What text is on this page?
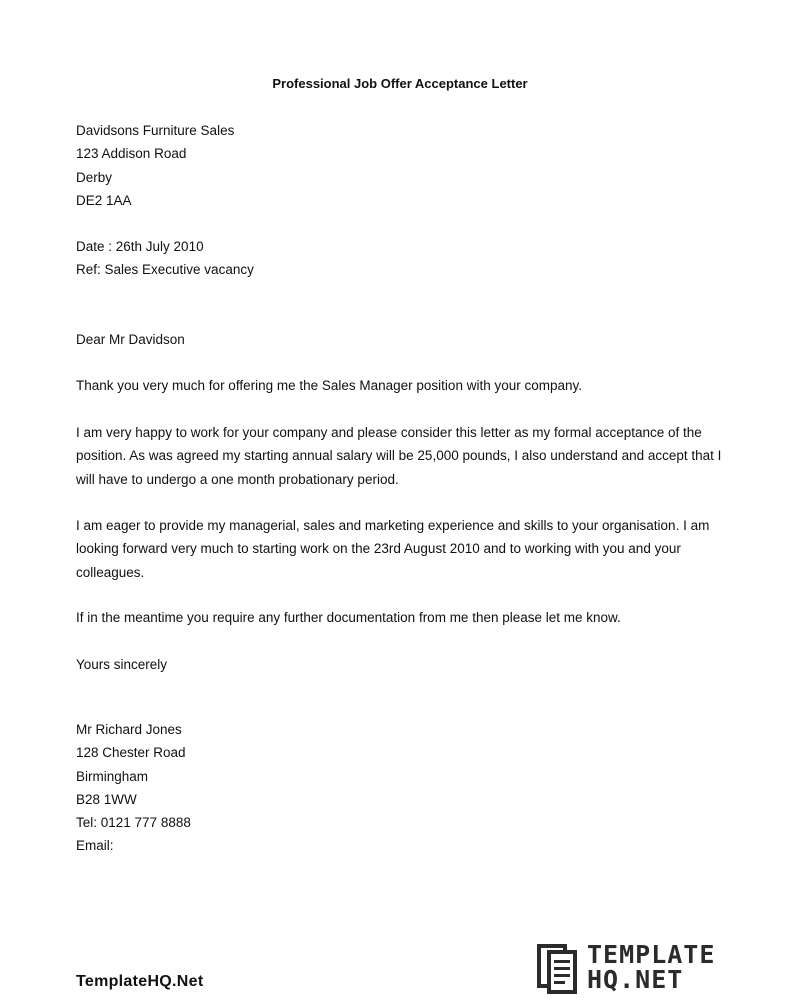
Professional Job Offer Acceptance Letter
Davidsons Furniture Sales
123 Addison Road
Derby
DE2 1AA
Date : 26th July 2010
Ref: Sales Executive vacancy
Dear Mr Davidson
Thank you very much for offering me the Sales Manager position with your company.
I am very happy to work for your company and please consider this letter as my formal acceptance of the
position. As was agreed my starting annual salary will be 25,000 pounds, I also understand and accept that I
will have to undergo a one month probationary period.
I am eager to provide my managerial, sales and marketing experience and skills to your organisation. I am
looking forward very much to starting work on the 23rd August 2010 and to working with you and your
colleagues.
If in the meantime you require any further documentation from me then please let me know.
Yours sincerely
Mr Richard Jones
128 Chester Road
Birmingham
B28 1WW
Tel: 0121 777 8888
Email:
TemplateHQ.Net
TEMPLATE
HQ.NET
